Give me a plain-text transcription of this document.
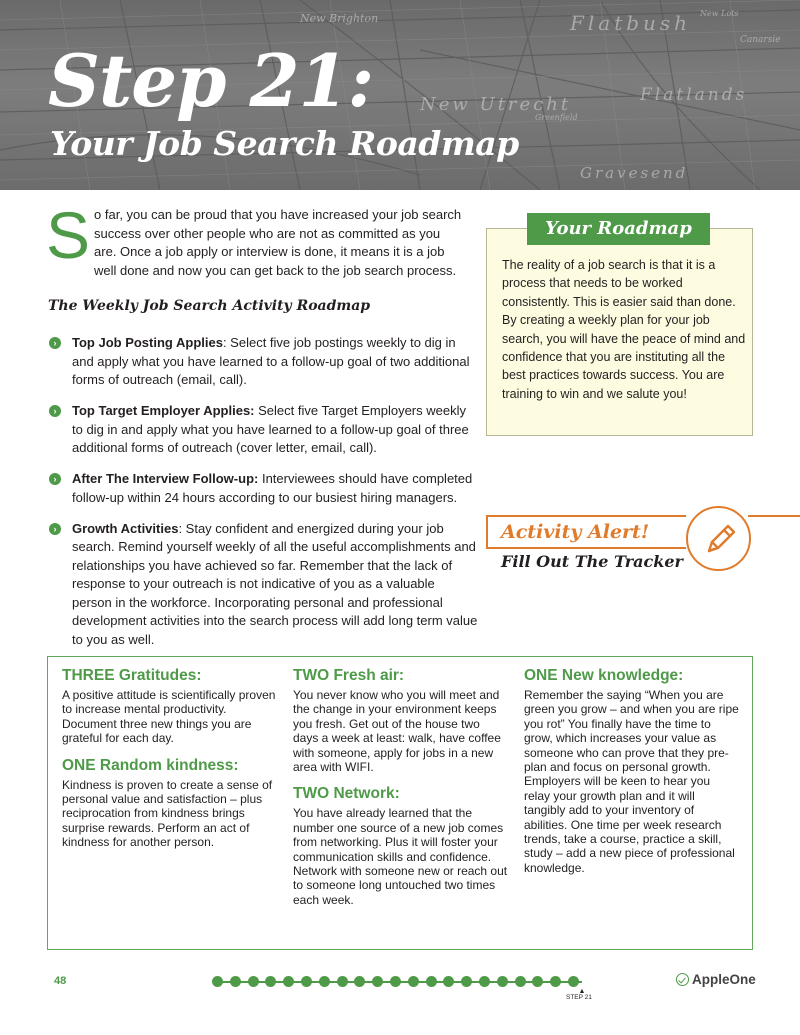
New Brighton	Flatbush
Flatlands
New Utrecht
Gravesend
Canarsie
Greenfield
New Lots
Step 21:
Your Job Search Roadmap
S o far, you can be proud that you have increased your job search success over other people who are not as committed as you are. Once a job apply or interview is done, it means it is a job well done and now you can get back to the job search process.
The Weekly Job Search Activity Roadmap
›	Top Job Posting Applies: Select five job postings weekly to dig in and apply what you have learned to a follow-up goal of two additional forms of outreach (email, call).
›	Top Target Employer Applies: Select five Target Employers weekly to dig in and apply what you have learned to a follow-up goal of three additional forms of outreach (cover letter, email, call).
›	After The Interview Follow-up: Interviewees should have completed follow-up within 24 hours according to our busiest hiring managers.
›	Growth Activities: Stay confident and energized during your job search. Remind yourself weekly of all the useful accomplishments and relationships you have achieved so far. Remember that the lack of response to your outreach is not indicative of you as a valuable person in the workforce. Incorporating personal and professional development activities into the search process will add long term value to you as well.
Your Roadmap
The reality of a job search is that it is a process that needs to be worked consistently. This is easier said than done. By creating a weekly plan for your job search, you will have the peace of mind and confidence that you are instituting all the best practices towards success. You are training to win and we salute you!
Activity Alert!
Fill Out The Tracker
THREE Gratitudes:

A positive attitude is scientifically proven to increase mental productivity. Document three new things you are grateful for each day.

ONE Random kindness:

Kindness is proven to create a sense of personal value and satisfaction – plus reciprocation from kindness brings surprise rewards. Perform an act of kindness for another person.

TWO Fresh air:

You never know who you will meet and the change in your environment keeps you fresh. Get out of the house two days a week at least: walk, have coffee with someone, apply for jobs in a new area with WIFI.

TWO Network:

You have already learned that the number one source of a new job comes from networking. Plus it will foster your communication skills and confidence. Network with someone new or reach out to someone long untouched two times each week.

ONE New knowledge:

Remember the saying “When you are green you grow – and when you are ripe you rot” You finally have the time to grow, which increases your value as someone who can prove that they pre-plan and focus on personal growth. Employers will be keen to hear you relay your growth plan and it will tangibly add to your inventory of abilities. One time per week research trends, take a course, practice a skill, study – add a new piece of professional knowledge.

48
▲
STEP 21
AppleOne
